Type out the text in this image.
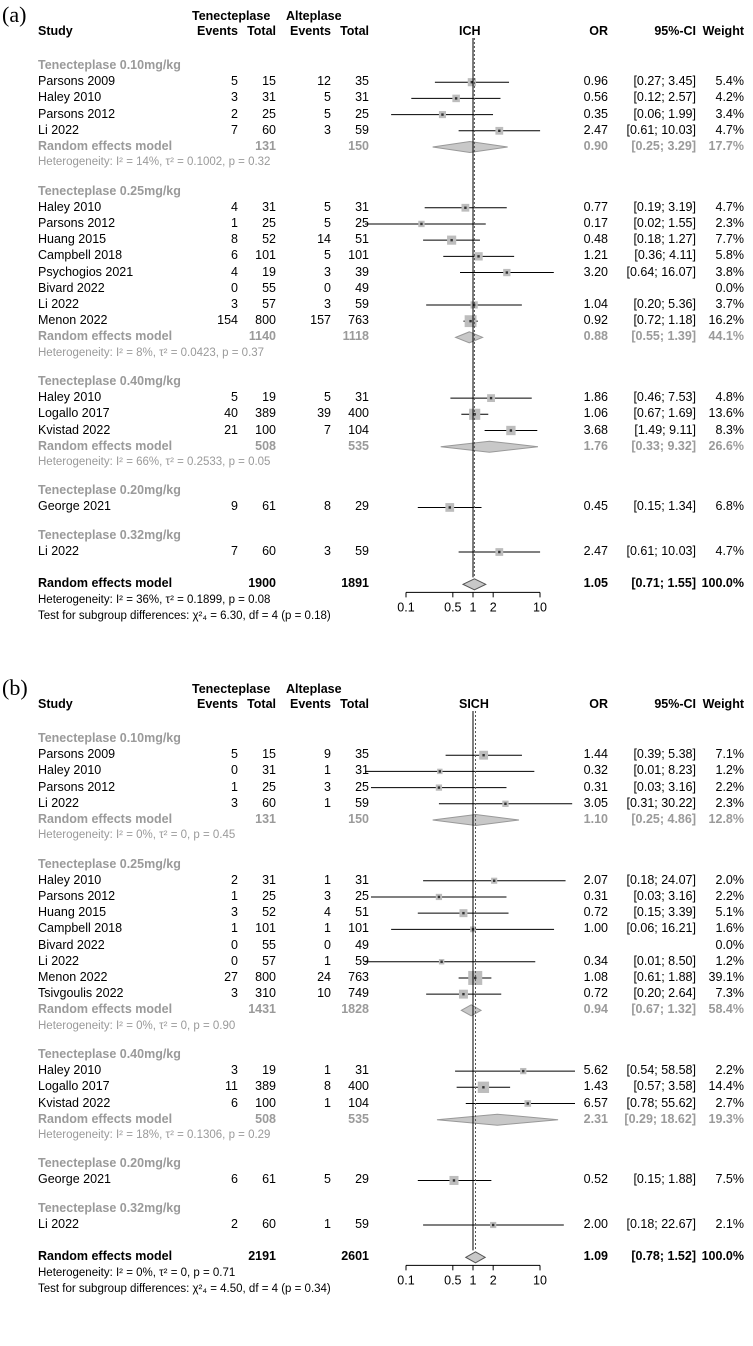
0.1 0.5 1 2	10
(a)	Tenecteplase Alteplase
Study	Events Total Events Total	ICH	OR	95%-CI Weight
Tenecteplase 0.10mg/kg
Parsons 2009	5 15	12 35	0.96 [0.27; 3.45] 5.4%
Haley 2010	3 31	5 31	0.56 [0.12; 2.57] 4.2%
Parsons 2012	2 25	5 25	0.35 [0.06; 1.99] 3.4%
Li 2022	7 60	3 59	2.47 [0.61; 10.03] 4.7%
Random effects model	131	150	0.90 [0.25; 3.29] 17.7%
Heterogeneity: I² = 14%, τ² = 0.1002, p = 0.32
Tenecteplase 0.25mg/kg
Haley 2010	4 31	5 31	0.77 [0.19; 3.19] 4.7%
Parsons 2012	1 25	5 25	0.17 [0.02; 1.55] 2.3%
Huang 2015	8 52	14 51	0.48 [0.18; 1.27] 7.7%
Campbell 2018	6 101	5 101	1.21 [0.36; 4.11] 5.8%
Psychogios 2021	4 19	3 39	3.20 [0.64; 16.07] 3.8%
Bivard 2022	0 55	0 49	0.0%
Li 2022	3 57	3 59	1.04 [0.20; 5.36] 3.7%
Menon 2022	154 800	157 763	0.92 [0.72; 1.18] 16.2%
Random effects model	1140	1118	0.88 [0.55; 1.39] 44.1%
Heterogeneity: I² = 8%, τ² = 0.0423, p = 0.37
Tenecteplase 0.40mg/kg
Haley 2010	5 19	5 31	1.86 [0.46; 7.53] 4.8%
Logallo 2017	40 389	39 400	1.06 [0.67; 1.69] 13.6%
Kvistad 2022	21 100	7 104	3.68 [1.49; 9.11] 8.3%
Random effects model	508	535	1.76 [0.33; 9.32] 26.6%
Heterogeneity: I² = 66%, τ² = 0.2533, p = 0.05
Tenecteplase 0.20mg/kg
George 2021	9 61	8 29	0.45 [0.15; 1.34] 6.8%
Tenecteplase 0.32mg/kg
Li 2022	7 60	3 59	2.47 [0.61; 10.03] 4.7%
Random effects model	1900	1891	1.05 [0.71; 1.55] 100.0%
Heterogeneity: I² = 36%, τ² = 0.1899, p = 0.08
Test for subgroup differences: χ²₄ = 6.30, df = 4 (p = 0.18)
0.1 0.5 1 2	10
(b)	Tenecteplase Alteplase
Study	Events Total Events Total	SICH	OR	95%-CI Weight
Tenecteplase 0.10mg/kg
Parsons 2009	5 15	9 35	1.44 [0.39; 5.38] 7.1%
Haley 2010	0 31	1 31	0.32 [0.01; 8.23] 1.2%
Parsons 2012	1 25	3 25	0.31 [0.03; 3.16] 2.2%
Li 2022	3 60	1 59	3.05 [0.31; 30.22] 2.3%
Random effects model	131	150	1.10 [0.25; 4.86] 12.8%
Heterogeneity: I² = 0%, τ² = 0, p = 0.45
Tenecteplase 0.25mg/kg
Haley 2010	2 31	1 31	2.07 [0.18; 24.07] 2.0%
Parsons 2012	1 25	3 25	0.31 [0.03; 3.16] 2.2%
Huang 2015	3 52	4 51	0.72 [0.15; 3.39] 5.1%
Campbell 2018	1 101	1 101	1.00 [0.06; 16.21] 1.6%
Bivard 2022	0 55	0 49	0.0%
Li 2022	0 57	1 59	0.34 [0.01; 8.50] 1.2%
Menon 2022	27 800	24 763	1.08 [0.61; 1.88] 39.1%
Tsivgoulis 2022	3 310	10 749	0.72 [0.20; 2.64] 7.3%
Random effects model	1431	1828	0.94 [0.67; 1.32] 58.4%
Heterogeneity: I² = 0%, τ² = 0, p = 0.90
Tenecteplase 0.40mg/kg
Haley 2010	3 19	1 31	5.62 [0.54; 58.58] 2.2%
Logallo 2017	11 389	8 400	1.43 [0.57; 3.58] 14.4%
Kvistad 2022	6 100	1 104	6.57 [0.78; 55.62] 2.7%
Random effects model	508	535	2.31 [0.29; 18.62] 19.3%
Heterogeneity: I² = 18%, τ² = 0.1306, p = 0.29
Tenecteplase 0.20mg/kg
George 2021	6 61	5 29	0.52 [0.15; 1.88] 7.5%
Tenecteplase 0.32mg/kg
Li 2022	2 60	1 59	2.00 [0.18; 22.67] 2.1%
Random effects model	2191	2601	1.09 [0.78; 1.52] 100.0%
Heterogeneity: I² = 0%, τ² = 0, p = 0.71
Test for subgroup differences: χ²₄ = 4.50, df = 4 (p = 0.34)
